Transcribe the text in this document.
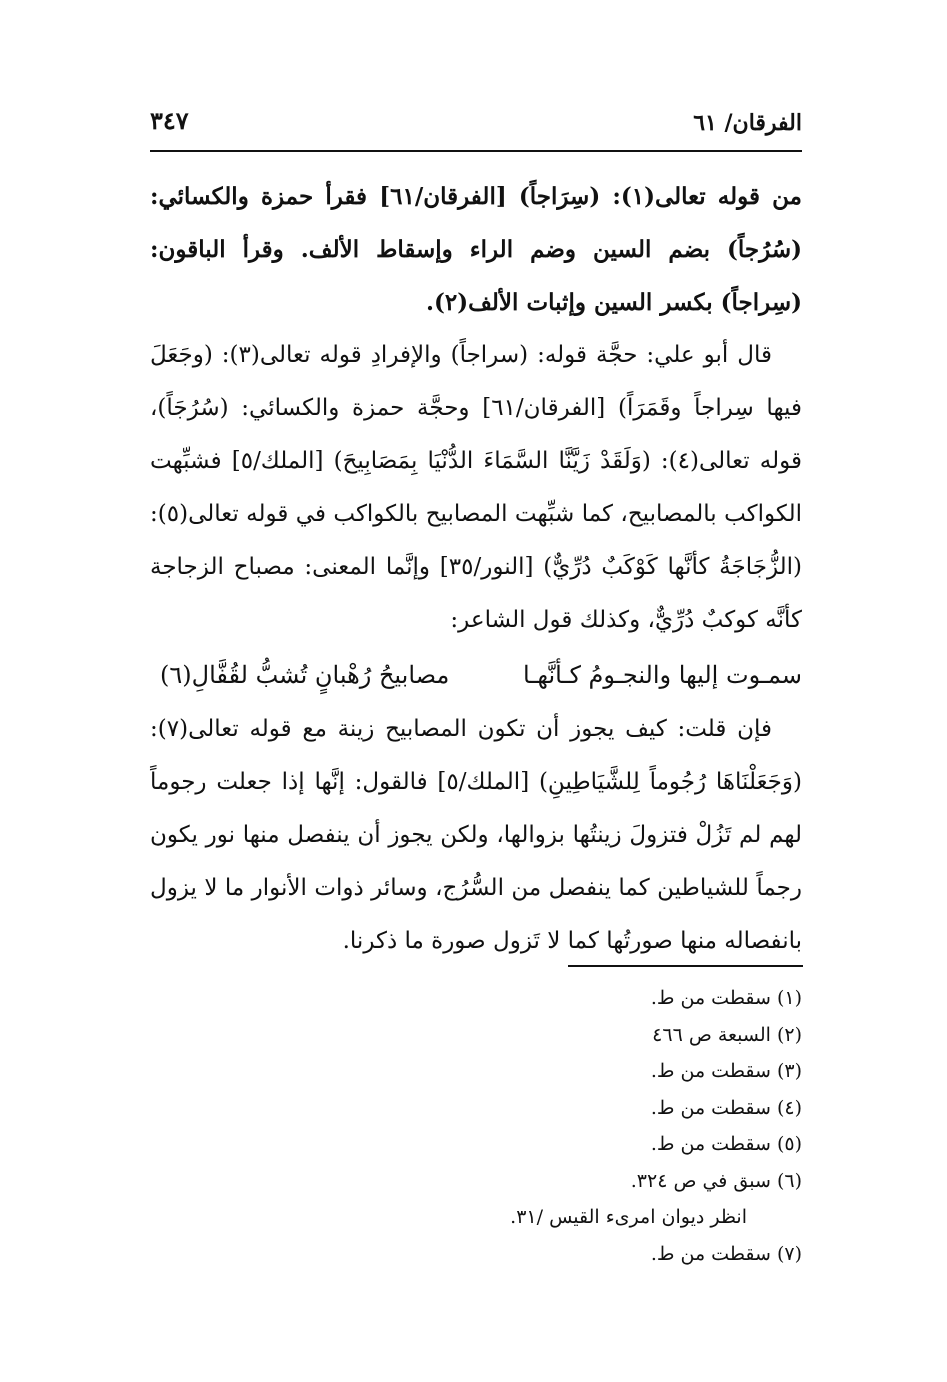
الفرقان/ ٦١
٣٤٧

من قوله تعالى(١): (سِرَاجاً) [الفرقان/٦١] فقرأ حمزة والكسائي: (سُرُجاً) بضم السين وضم الراء وإسقاط الألف. وقرأ الباقون: (سِراجاً) بكسر السين وإثبات الألف(٢).

قال أبو علي: حجَّة قوله: (سراجاً) والإفرادِ قوله تعالى(٣): (وجَعَلَ فيها سِراجاً وقَمَرَاً) [الفرقان/٦١] وحجَّة حمزة والكسائي: (سُرُجَاً)، قوله تعالى(٤): (وَلَقَدْ زَيَّنَّا السَّمَاءَ الدُّنْيَا بِمَصَابِيحَ) [الملك/٥] فشبِّهت الكواكب بالمصابيح، كما شبِّهت المصابيح بالكواكب في قوله تعالى(٥): (الزُّجَاجَةُ كأنَّها كَوْكَبٌ دُرِّيٌّ) [النور/٣٥] وإنَّما المعنى: مصباح الزجاجة كأنَّه كوكبٌ دُرِّيٌّ، وكذلك قول الشاعر:

سمـوت إليها والنجـومُ كـأنَّهـا
مصابيحُ رُهْبانٍ تُشبُّ لقُفَّالِ(٦)

فإن قلت: كيف يجوز أن تكون المصابيح زينة مع قوله تعالى(٧): (وَجَعَلْنَاهَا رُجُوماً لِلشَّيَاطِينِ) [الملك/٥] فالقول: إنَّها إذا جعلت رجوماً لهم لم تَزُلْ فتزولَ زينتُها بزوالها، ولكن يجوز أن ينفصل منها نور يكون رجماً للشياطين كما ينفصل من السُّرُج، وسائر ذوات الأنوار ما لا يزول بانفصاله منها صورتُها كما لا تَزول صورة ما ذكرنا.

(١)سقطت من ط.
(٢)السبعة ص ٤٦٦
(٣)سقطت من ط.
(٤)سقطت من ط.
(٥)سقطت من ط.
(٦)سبق في ص ٣٢٤.
انظر ديوان امرىء القيس /٣١.
(٧)سقطت من ط.
